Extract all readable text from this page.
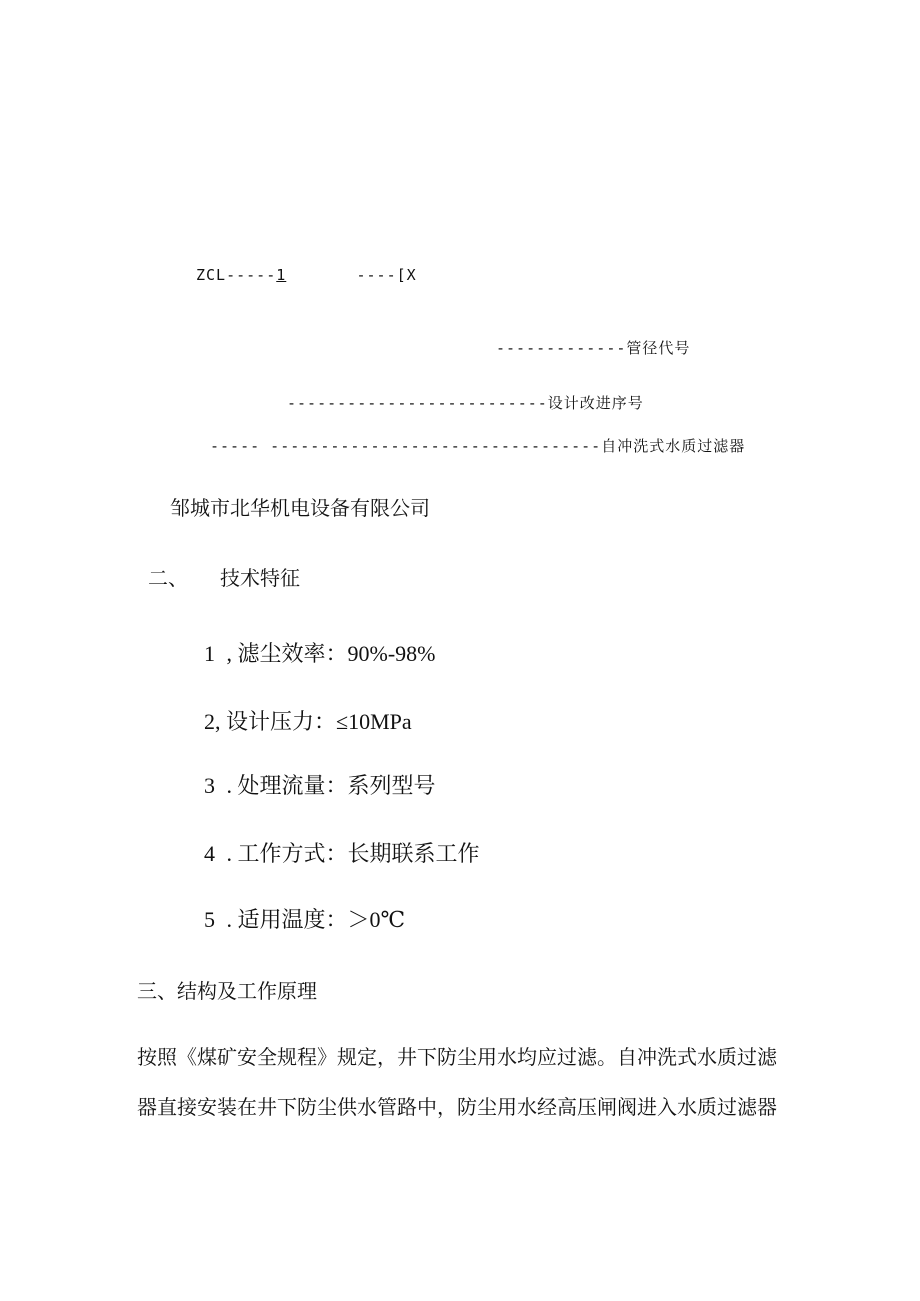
ZCL-----1	----[X
-------------管径代号
--------------------------设计改进序号
----- ---------------------------------自冲洗式水质过滤器
邹城市北华机电设备有限公司
二、 技术特征
1 , 滤尘效率：90%-98%
2, 设计压力：≤10MPa
3 . 处理流量：系列型号
4 . 工作方式：长期联系工作
5 . 适用温度：＞0℃
三、结构及工作原理
按照《煤矿安全规程》规定，井下防尘用水均应过滤。自冲洗式水质过滤
器直接安装在井下防尘供水管路中，防尘用水经高压闸阀进入水质过滤器
